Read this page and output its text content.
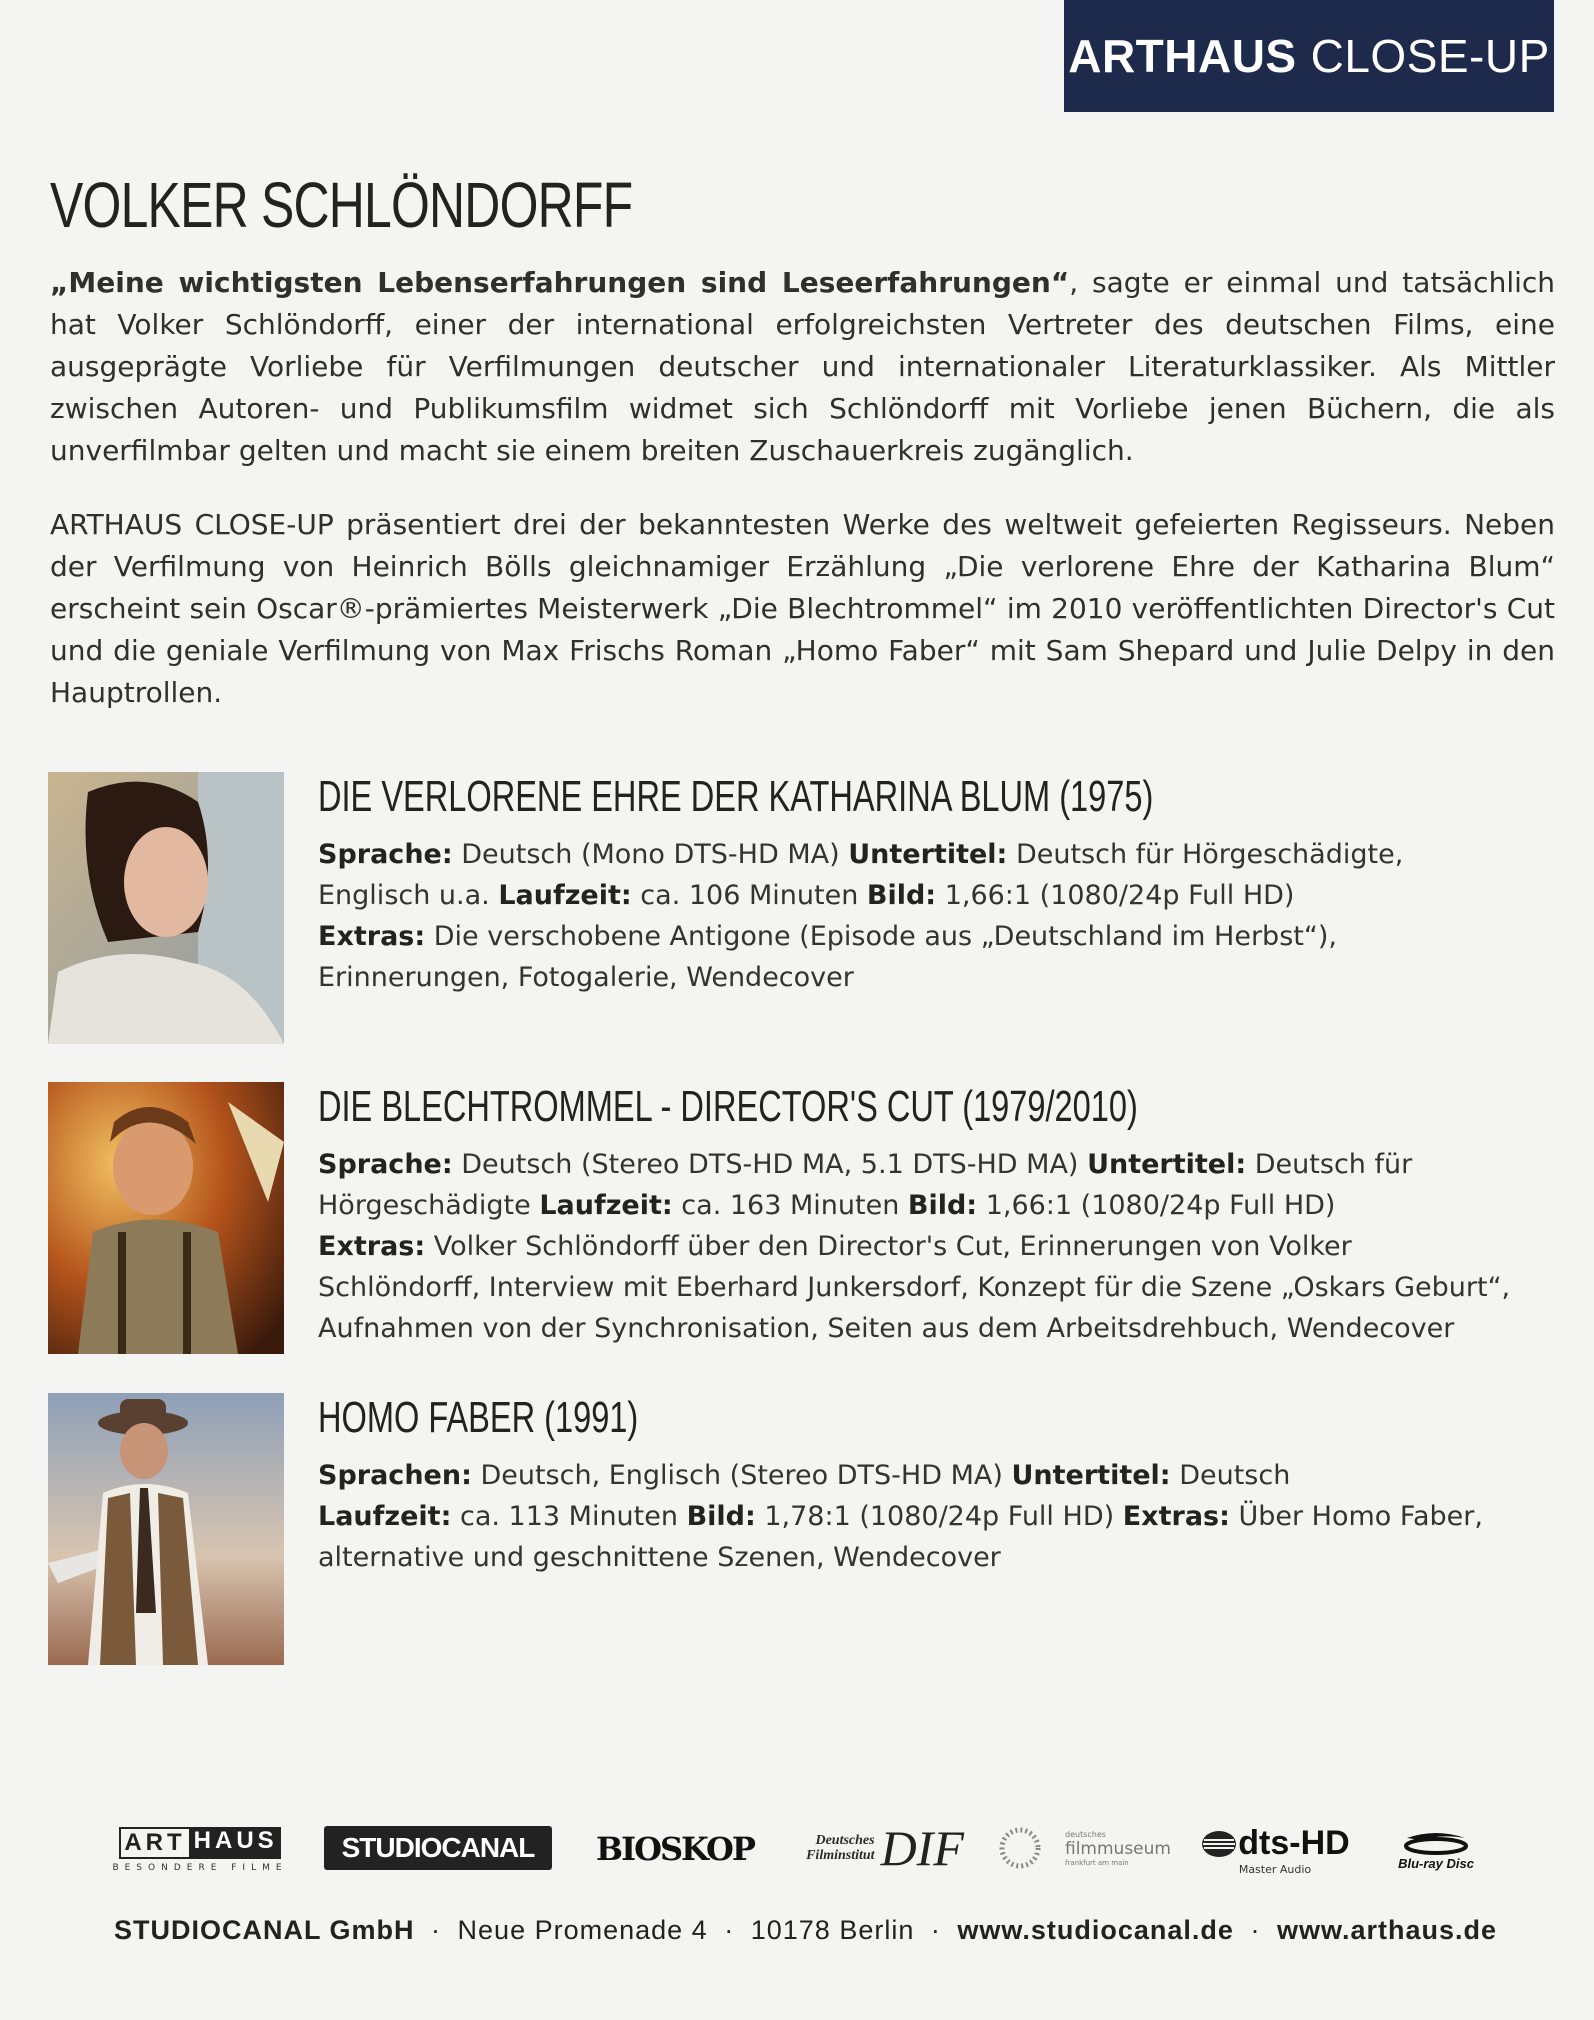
ARTHAUS CLOSE-UP
VOLKER SCHLÖNDORFF
„Meine wichtigsten Lebenserfahrungen sind Leseerfahrungen“, sagte er einmal und tatsächlich hat Volker Schlöndorff, einer der international erfolgreichsten Vertreter des deutschen Films, eine ausgeprägte Vorliebe für Verfilmungen deutscher und internationaler Literaturklassiker. Als Mittler zwischen Autoren- und Publikumsfilm widmet sich Schlöndorff mit Vorliebe jenen Büchern, die als unverfilmbar gelten und macht sie einem breiten Zuschauerkreis zugänglich.
ARTHAUS CLOSE-UP präsentiert drei der bekanntesten Werke des weltweit gefeierten Regisseurs. Neben der Verfilmung von Heinrich Bölls gleichnamiger Erzählung „Die verlorene Ehre der Katharina Blum“ erscheint sein Oscar®-prämiertes Meisterwerk „Die Blechtrommel“ im 2010 veröffentlichten Director's Cut und die geniale Verfilmung von Max Frischs Roman „Homo Faber“ mit Sam Shepard und Julie Delpy in den Hauptrollen.
DIE VERLORENE EHRE DER KATHARINA BLUM (1975)
Sprache: Deutsch (Mono DTS-HD MA) Untertitel: Deutsch für Hörgeschädigte, Englisch u.a. Laufzeit: ca. 106 Minuten Bild: 1,66:1 (1080/24p Full HD)
Extras: Die verschobene Antigone (Episode aus „Deutschland im Herbst“), Erinnerungen, Fotogalerie, Wendecover
DIE BLECHTROMMEL - DIRECTOR'S CUT (1979/2010)
Sprache: Deutsch (Stereo DTS-HD MA, 5.1 DTS-HD MA) Untertitel: Deutsch für Hörgeschädigte Laufzeit: ca. 163 Minuten Bild: 1,66:1 (1080/24p Full HD)
Extras: Volker Schlöndorff über den Director's Cut, Erinnerungen von Volker Schlöndorff, Interview mit Eberhard Junkersdorf, Konzept für die Szene „Oskars Geburt“, Aufnahmen von der Synchronisation, Seiten aus dem Arbeitsdrehbuch, Wendecover
HOMO FABER (1991)
Sprachen: Deutsch, Englisch (Stereo DTS-HD MA) Untertitel: Deutsch
Laufzeit: ca. 113 Minuten Bild: 1,78:1 (1080/24p Full HD) Extras: Über Homo Faber, alternative und geschnittene Szenen, Wendecover
ART HAUS
BESONDERE FILME
STUDIOCANAL	BIOSKOP	Deutsches
Filminstitut DIF	deutsches
filmmuseum
frankfurt am main
dts-HD
Master Audio	Blu-ray Disc
STUDIOCANAL GmbH · Neue Promenade 4 · 10178 Berlin · www.studiocanal.de · www.arthaus.de
